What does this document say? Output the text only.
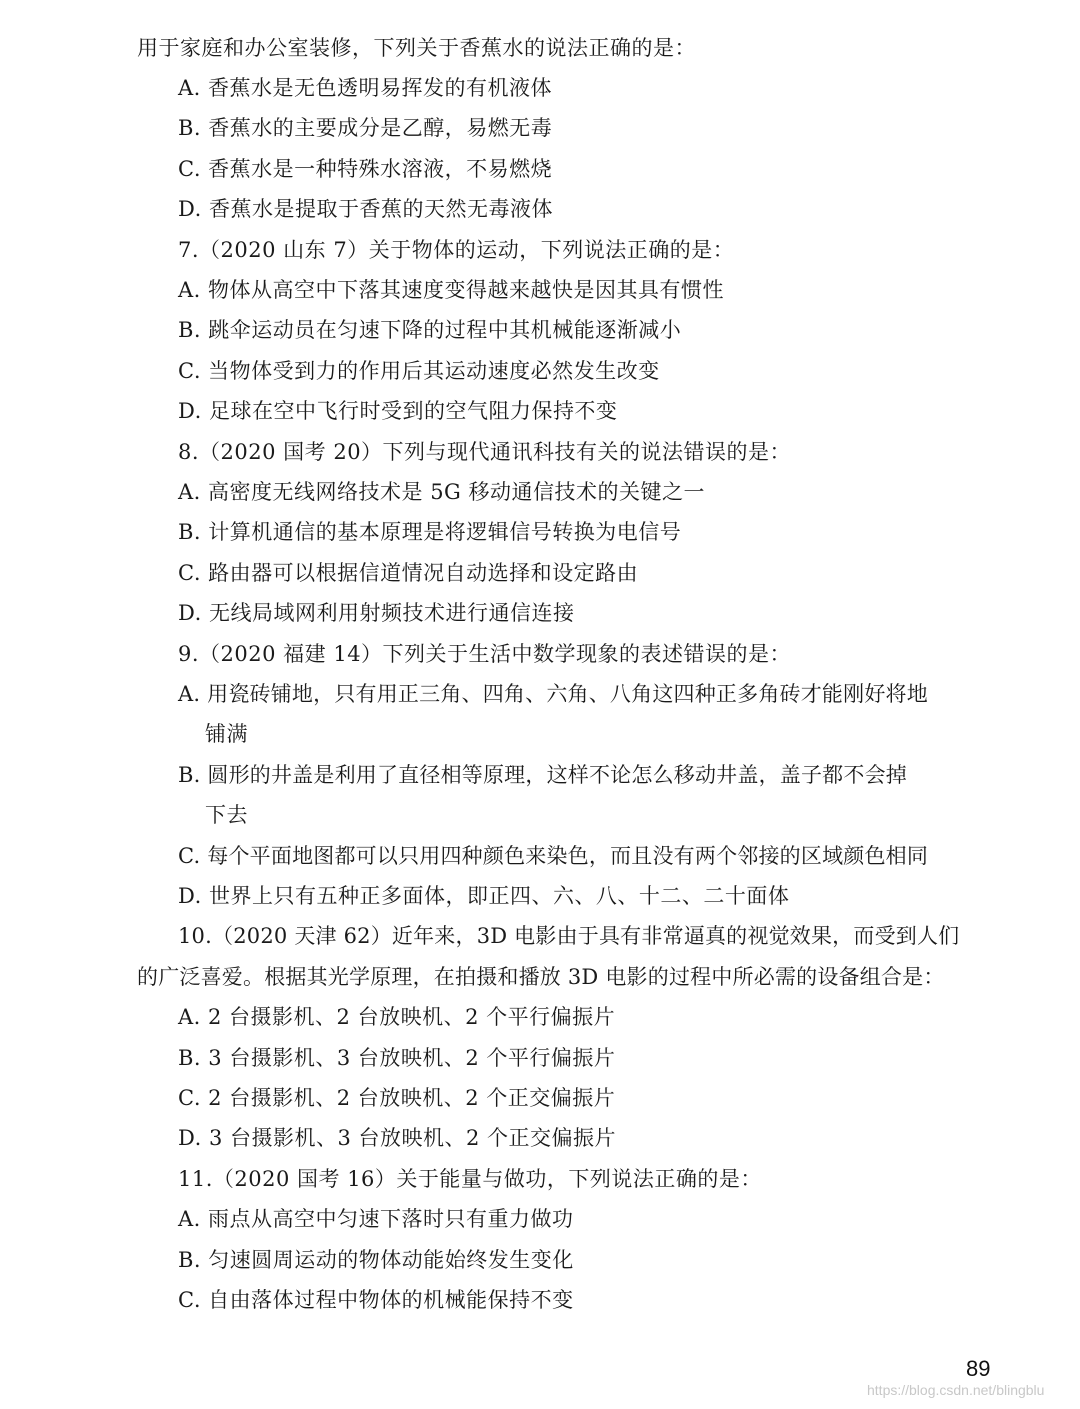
用于家庭和办公室装修，下列关于香蕉水的说法正确的是：
A. 香蕉水是无色透明易挥发的有机液体
B. 香蕉水的主要成分是乙醇，易燃无毒
C. 香蕉水是一种特殊水溶液，不易燃烧
D. 香蕉水是提取于香蕉的天然无毒液体
7.（2020 山东 7）关于物体的运动，下列说法正确的是：
A. 物体从高空中下落其速度变得越来越快是因其具有惯性
B. 跳伞运动员在匀速下降的过程中其机械能逐渐减小
C. 当物体受到力的作用后其运动速度必然发生改变
D. 足球在空中飞行时受到的空气阻力保持不变
8.（2020 国考 20）下列与现代通讯科技有关的说法错误的是：
A. 高密度无线网络技术是 5G 移动通信技术的关键之一
B. 计算机通信的基本原理是将逻辑信号转换为电信号
C. 路由器可以根据信道情况自动选择和设定路由
D. 无线局域网利用射频技术进行通信连接
9.（2020 福建 14）下列关于生活中数学现象的表述错误的是：
A. 用瓷砖铺地，只有用正三角、四角、六角、八角这四种正多角砖才能刚好将地
铺满
B. 圆形的井盖是利用了直径相等原理，这样不论怎么移动井盖，盖子都不会掉
下去
C. 每个平面地图都可以只用四种颜色来染色，而且没有两个邻接的区域颜色相同
D. 世界上只有五种正多面体，即正四、六、八、十二、二十面体
10.（2020 天津 62）近年来，3D 电影由于具有非常逼真的视觉效果，而受到人们
的广泛喜爱。根据其光学原理，在拍摄和播放 3D 电影的过程中所必需的设备组合是：
A. 2 台摄影机、2 台放映机、2 个平行偏振片
B. 3 台摄影机、3 台放映机、2 个平行偏振片
C. 2 台摄影机、2 台放映机、2 个正交偏振片
D. 3 台摄影机、3 台放映机、2 个正交偏振片
11.（2020 国考 16）关于能量与做功，下列说法正确的是：
A. 雨点从高空中匀速下落时只有重力做功
B. 匀速圆周运动的物体动能始终发生变化
C. 自由落体过程中物体的机械能保持不变
89
https://blog.csdn.net/blingblu
